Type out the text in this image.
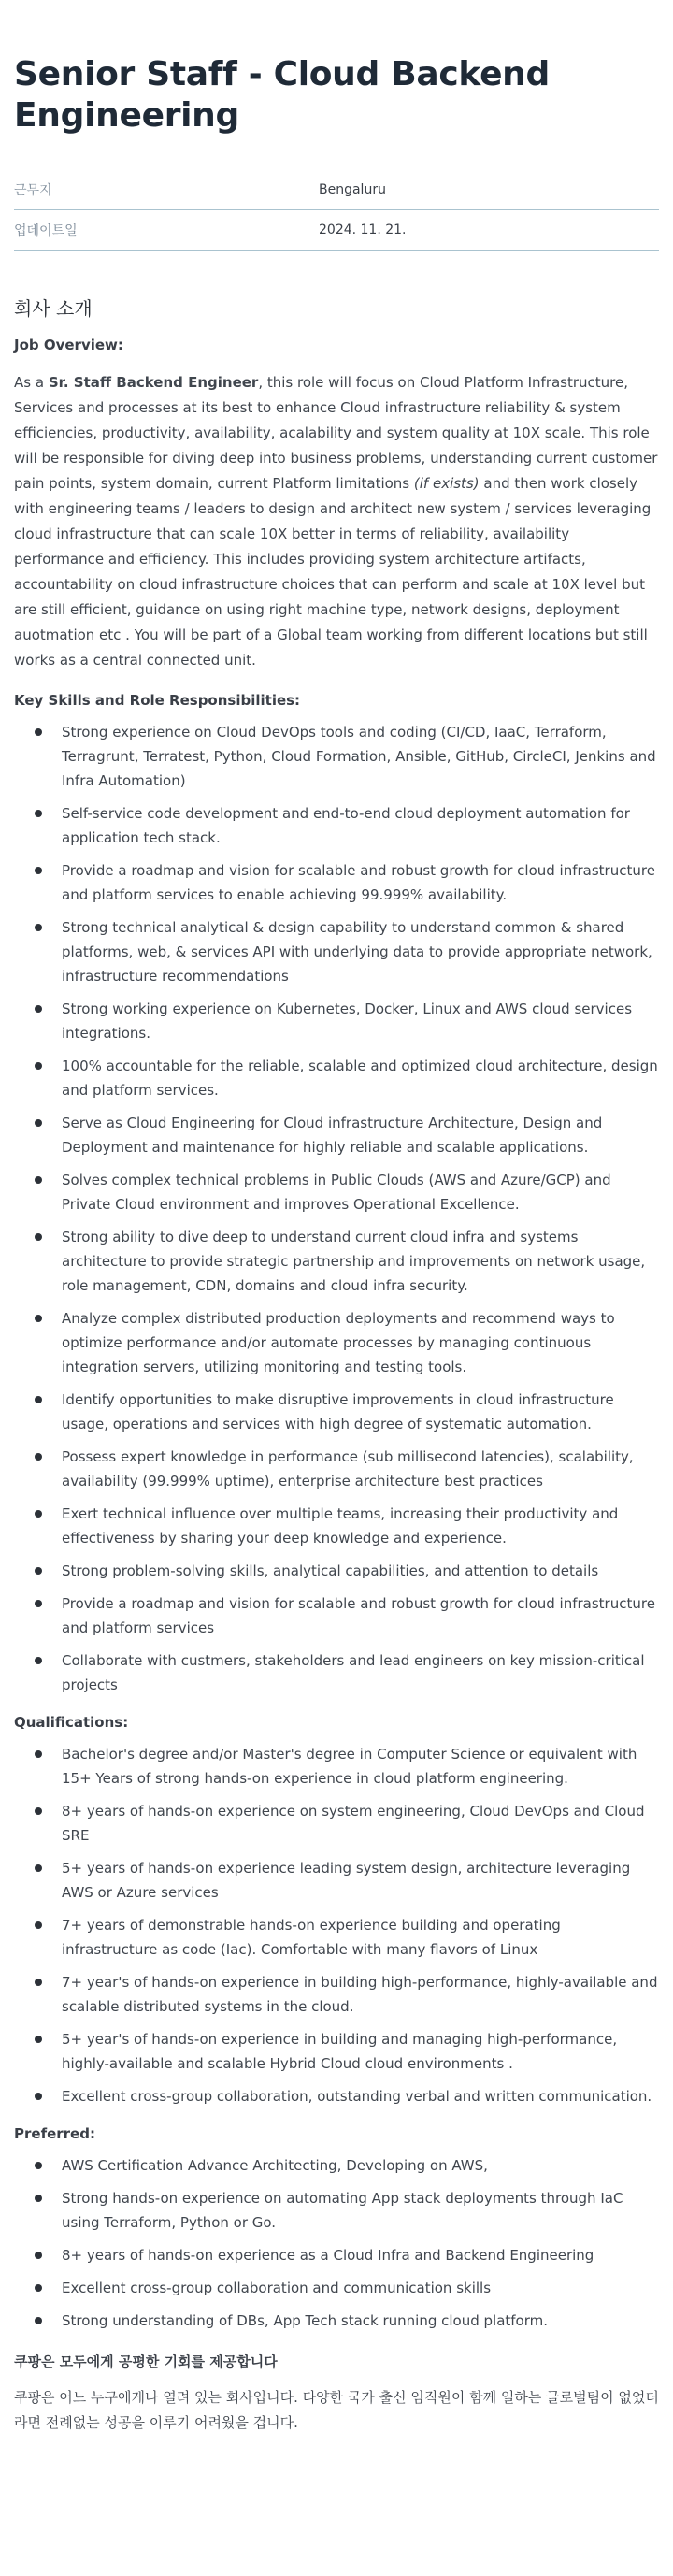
Senior Staff - Cloud Backend Engineering
근무지	Bengaluru
업데이트일	2024. 11. 21.
회사 소개
Job Overview:

As a Sr. Staff Backend Engineer, this role will focus on Cloud Platform Infrastructure, Services and processes at its best to enhance Cloud infrastructure reliability & system efficiencies, productivity, availability, acalability and system quality at 10X scale. This role will be responsible for diving deep into business problems, understanding current customer pain points, system domain, current Platform limitations (if exists) and then work closely with engineering teams / leaders to design and architect new system / services leveraging cloud infrastructure that can scale 10X better in terms of reliability, availability performance and efficiency. This includes providing system architecture artifacts, accountability on cloud infrastructure choices that can perform and scale at 10X level but are still efficient, guidance on using right machine type, network designs, deployment auotmation etc . You will be part of a Global team working from different locations but still works as a central connected unit.

Key Skills and Role Responsibilities:
Strong experience on Cloud DevOps tools and coding (CI/CD, IaaC, Terraform, Terragrunt, Terratest, Python, Cloud Formation, Ansible, GitHub, CircleCI, Jenkins and Infra Automation)
Self-service code development and end-to-end cloud deployment automation for application tech stack.
Provide a roadmap and vision for scalable and robust growth for cloud infrastructure and platform services to enable achieving 99.999% availability.
Strong technical analytical & design capability to understand common & shared platforms, web, & services API with underlying data to provide appropriate network, infrastructure recommendations
Strong working experience on Kubernetes, Docker, Linux and AWS cloud services integrations.
100% accountable for the reliable, scalable and optimized cloud architecture, design and platform services.
Serve as Cloud Engineering for Cloud infrastructure Architecture, Design and Deployment and maintenance for highly reliable and scalable applications.
Solves complex technical problems in Public Clouds (AWS and Azure/GCP) and Private Cloud environment and improves Operational Excellence.
Strong ability to dive deep to understand current cloud infra and systems architecture to provide strategic partnership and improvements on network usage, role management, CDN, domains and cloud infra security.
Analyze complex distributed production deployments and recommend ways to optimize performance and/or automate processes by managing continuous integration servers, utilizing monitoring and testing tools.
Identify opportunities to make disruptive improvements in cloud infrastructure usage, operations and services with high degree of systematic automation.
Possess expert knowledge in performance (sub millisecond latencies), scalability, availability (99.999% uptime), enterprise architecture best practices
Exert technical influence over multiple teams, increasing their productivity and effectiveness by sharing your deep knowledge and experience.
Strong problem-solving skills, analytical capabilities, and attention to details
Provide a roadmap and vision for scalable and robust growth for cloud infrastructure and platform services
Collaborate with custmers, stakeholders and lead engineers on key mission-critical projects
Qualifications:
Bachelor's degree and/or Master's degree in Computer Science or equivalent with 15+ Years of strong hands-on experience in cloud platform engineering.
8+ years of hands-on experience on system engineering, Cloud DevOps and Cloud SRE
5+ years of hands-on experience leading system design, architecture leveraging AWS or Azure services
7+ years of demonstrable hands-on experience building and operating infrastructure as code (Iac). Comfortable with many flavors of Linux
7+ year's of hands-on experience in building high-performance, highly-available and scalable distributed systems in the cloud.
5+ year's of hands-on experience in building and managing high-performance, highly-available and scalable Hybrid Cloud cloud environments .
Excellent cross-group collaboration, outstanding verbal and written communication.
Preferred:
AWS Certification Advance Architecting, Developing on AWS,
Strong hands-on experience on automating App stack deployments through IaC using Terraform, Python or Go.
8+ years of hands-on experience as a Cloud Infra and Backend Engineering
Excellent cross-group collaboration and communication skills
Strong understanding of DBs, App Tech stack running cloud platform.
쿠팡은 모두에게 공평한 기회를 제공합니다

쿠팡은 어느 누구에게나 열려 있는 회사입니다. 다양한 국가 출신 임직원이 함께 일하는 글로벌팀이 없었더라면 전례없는 성공을 이루기 어려웠을 겁니다.
